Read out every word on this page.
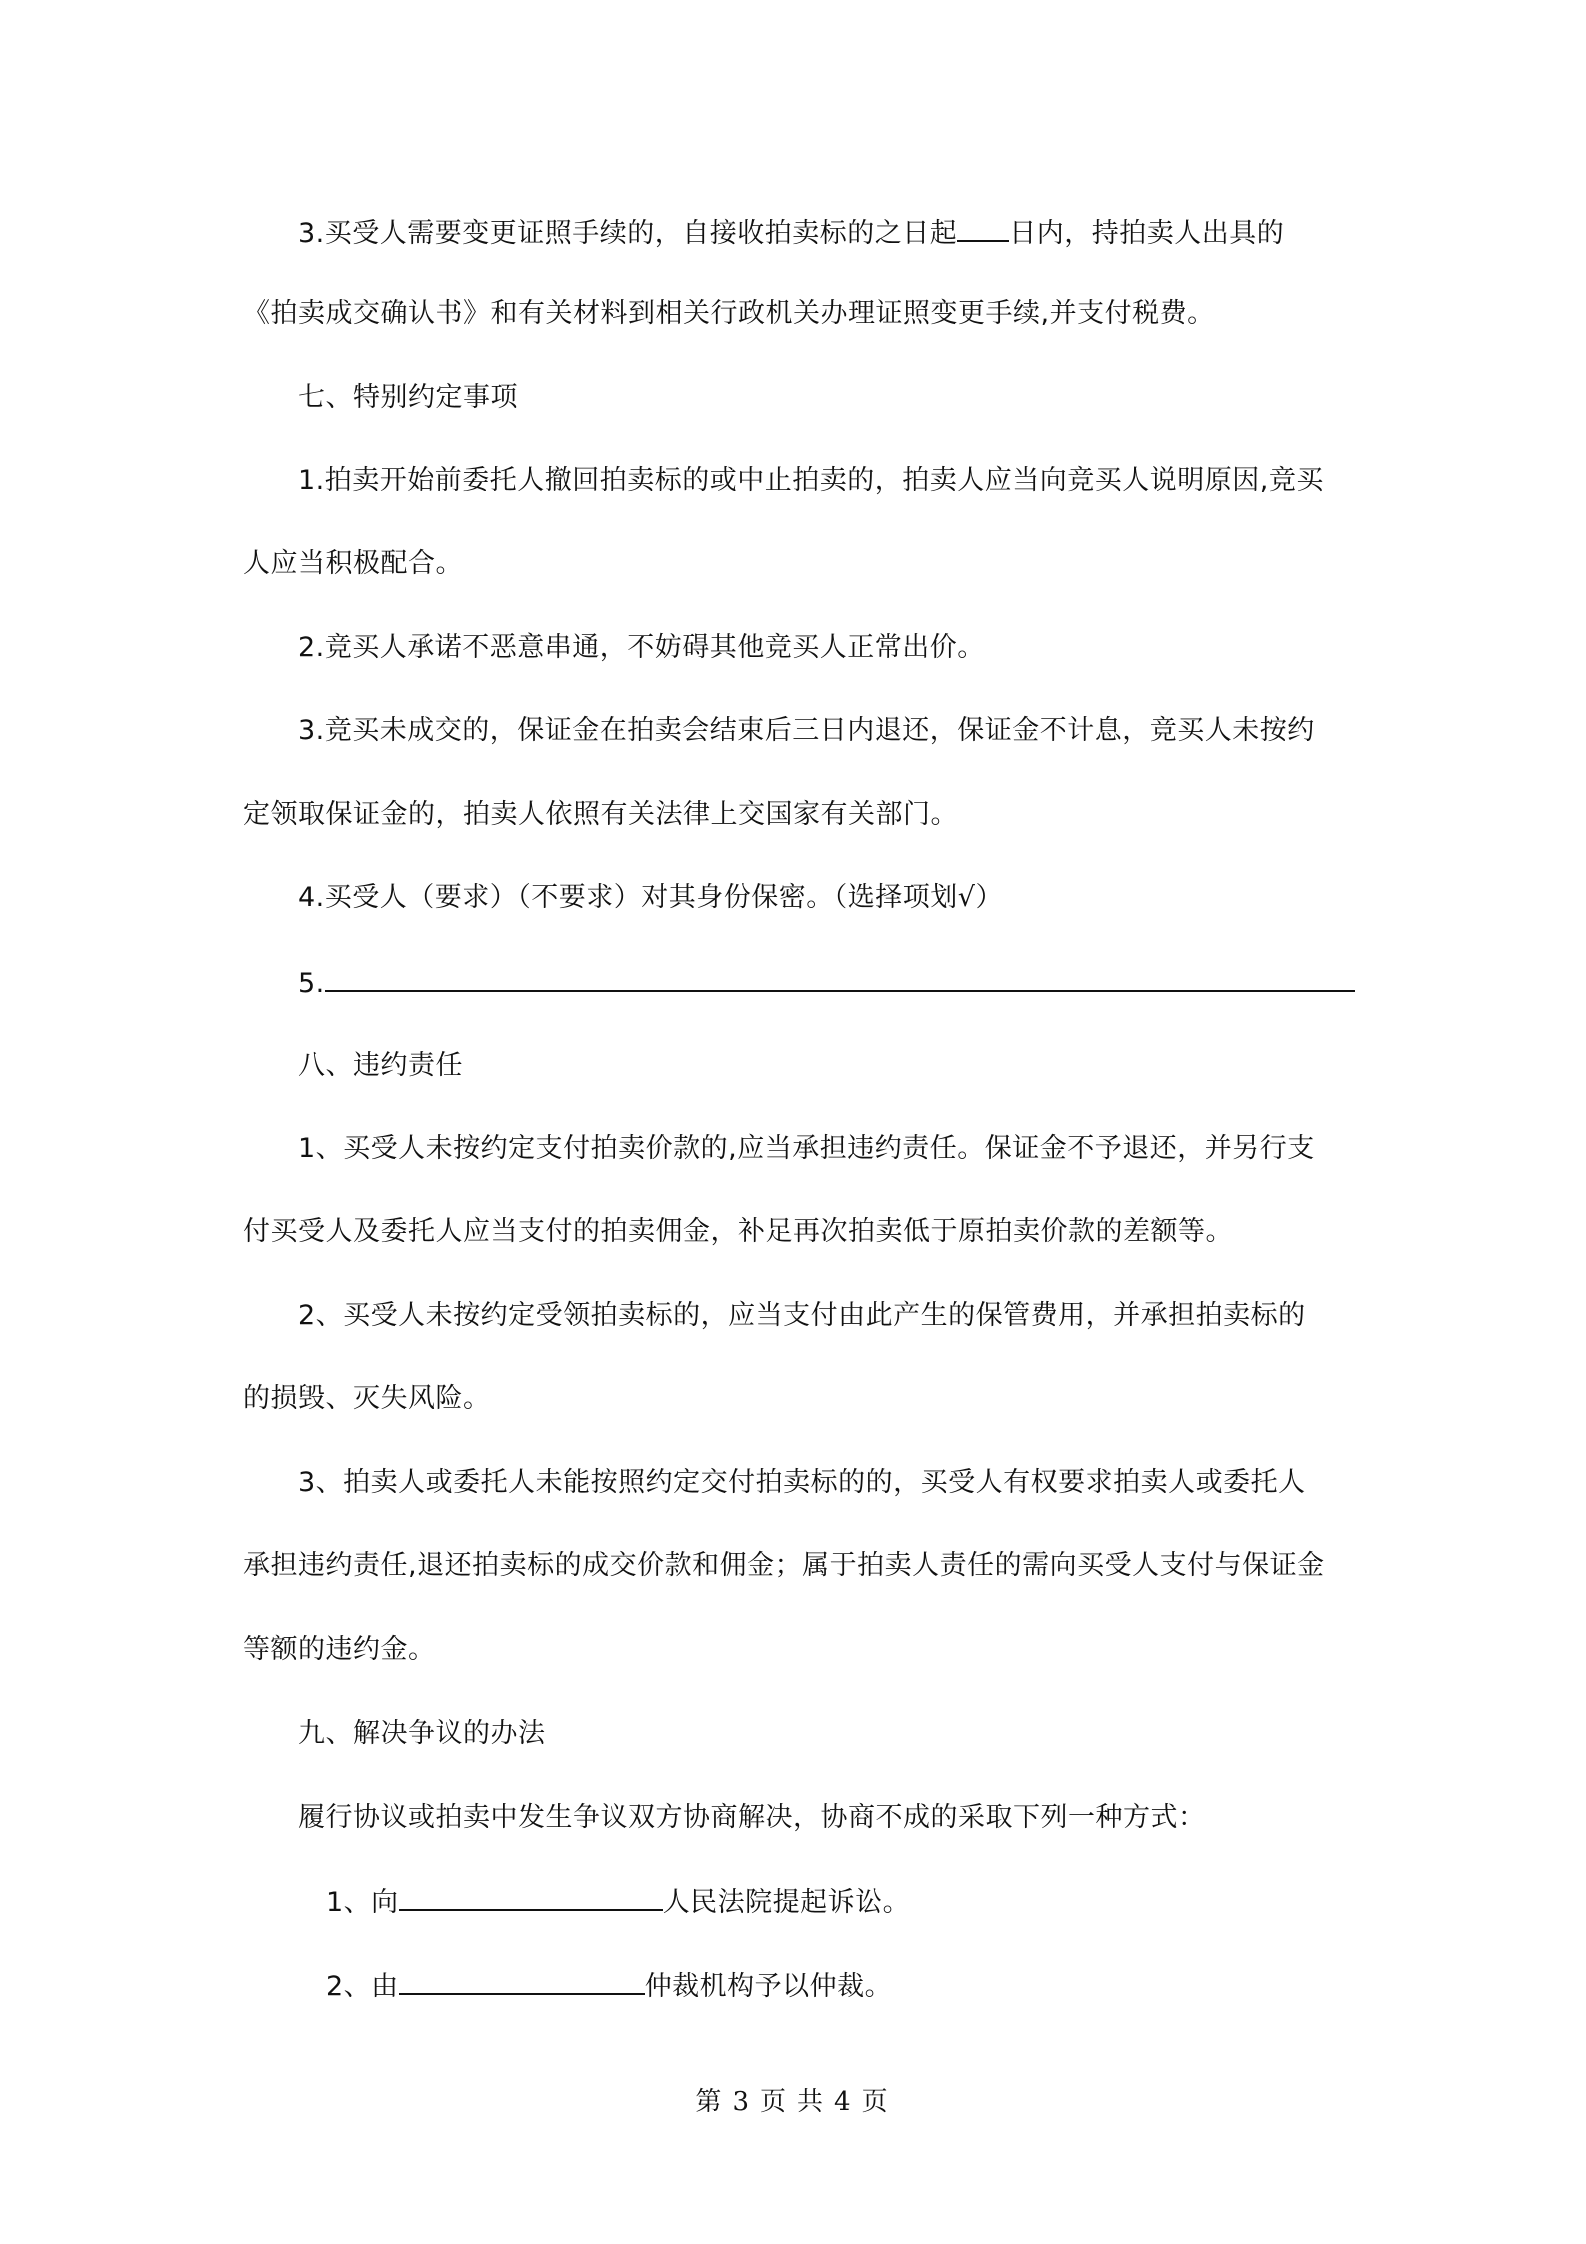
3.买受人需要变更证照手续的，自接收拍卖标的之日起 日内，持拍卖人出具的
《拍卖成交确认书》和有关材料到相关行政机关办理证照变更手续,并支付税费。
七、特别约定事项
1.拍卖开始前委托人撤回拍卖标的或中止拍卖的，拍卖人应当向竞买人说明原因,竞买
人应当积极配合。
2.竞买人承诺不恶意串通，不妨碍其他竞买人正常出价。
3.竞买未成交的，保证金在拍卖会结束后三日内退还，保证金不计息，竞买人未按约
定领取保证金的，拍卖人依照有关法律上交国家有关部门。
4.买受人（要求）（不要求）对其身份保密。（选择项划√）
5.
八、违约责任
1、买受人未按约定支付拍卖价款的,应当承担违约责任。保证金不予退还，并另行支
付买受人及委托人应当支付的拍卖佣金，补足再次拍卖低于原拍卖价款的差额等。
2、买受人未按约定受领拍卖标的，应当支付由此产生的保管费用，并承担拍卖标的
的损毁、灭失风险。
3、拍卖人或委托人未能按照约定交付拍卖标的的，买受人有权要求拍卖人或委托人
承担违约责任,退还拍卖标的成交价款和佣金；属于拍卖人责任的需向买受人支付与保证金
等额的违约金。
九、解决争议的办法
履行协议或拍卖中发生争议双方协商解决，协商不成的采取下列一种方式：
1、向	人民法院提起诉讼。
2、由	仲裁机构予以仲裁。
第 3 页 共 4 页
